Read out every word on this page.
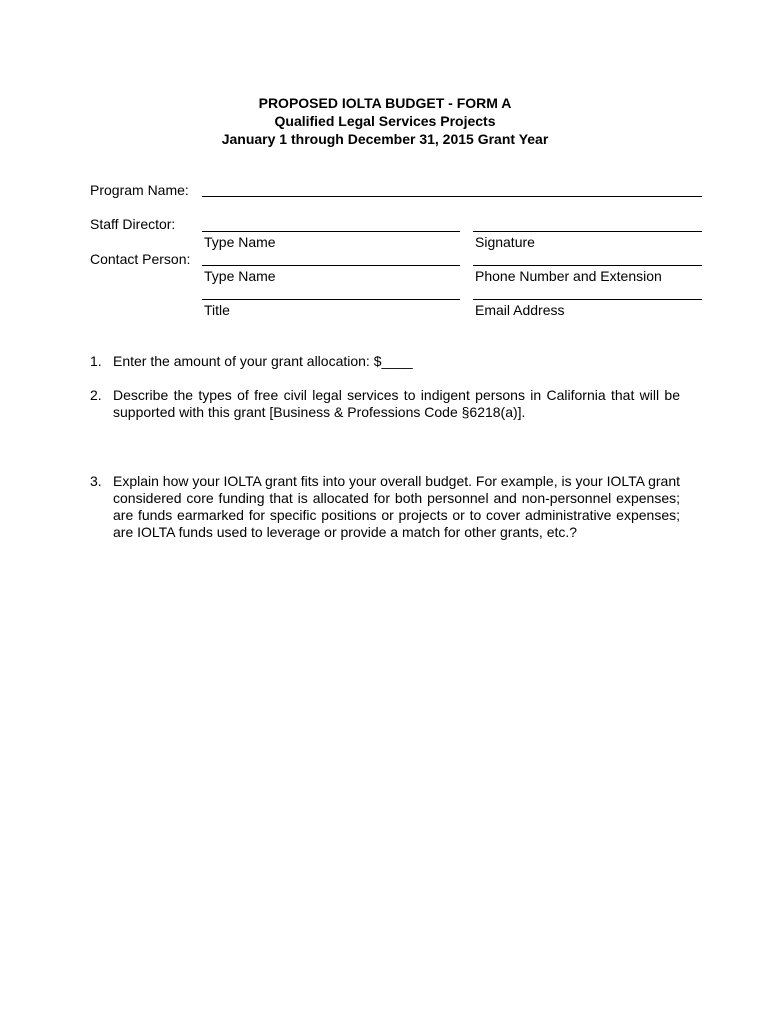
PROPOSED IOLTA BUDGET - FORM A
Qualified Legal Services Projects
January 1 through December 31, 2015 Grant Year
Program Name:
Staff Director:
Type Name	Signature
Contact Person:
Type Name	Phone Number and Extension
Title	Email Address
1. Enter the amount of your grant allocation: $____
2. Describe the types of free civil legal services to indigent persons in California that will be supported with this grant [Business & Professions Code §6218(a)].
3. Explain how your IOLTA grant fits into your overall budget. For example, is your IOLTA grant considered core funding that is allocated for both personnel and non-personnel expenses; are funds earmarked for specific positions or projects or to cover administrative expenses; are IOLTA funds used to leverage or provide a match for other grants, etc.?
